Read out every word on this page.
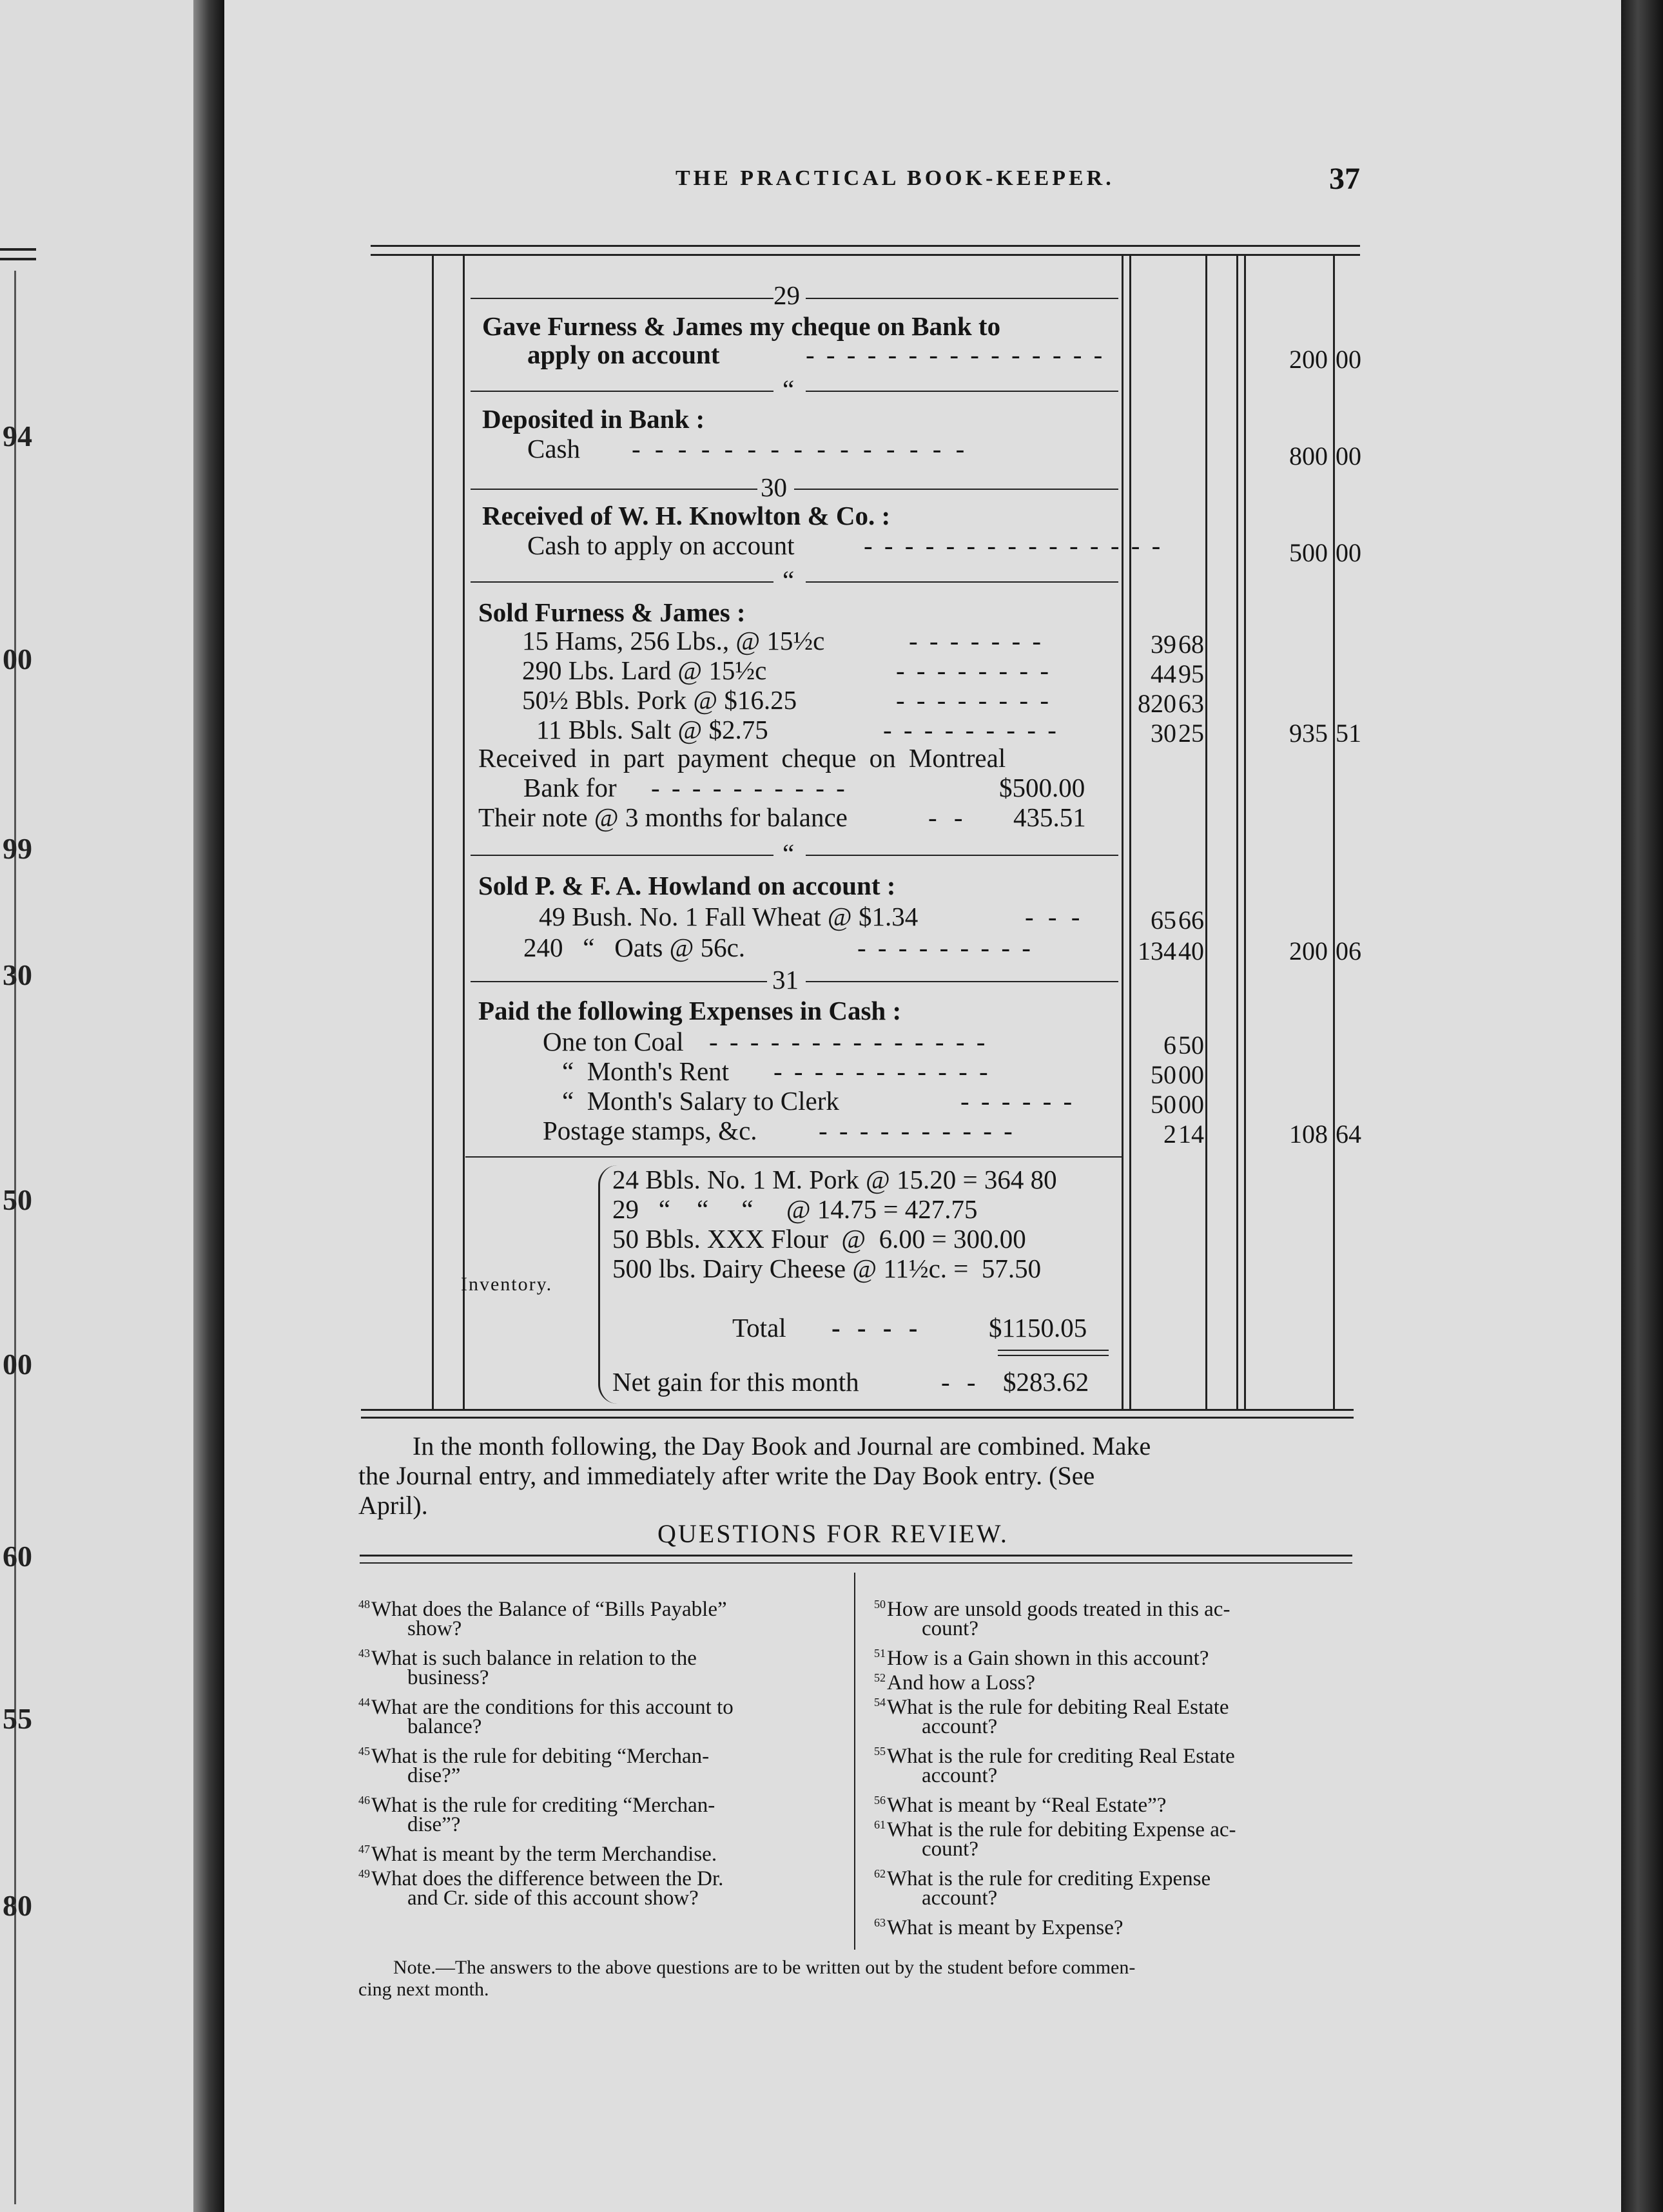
94
00
99
30
50
00
60
55
80
THE PRACTICAL BOOK-KEEPER.	37
29
Gave Furness & James my cheque on Bank to
apply on account	- - - - - - - - - - - - - - -	200 00
“
Deposited in Bank :
Cash - - - - - - - - - - - - - - -	800 00
30
Received of W. H. Knowlton & Co. :
Cash to apply on account	- - - - - - - - - - - - - - -	500 00
“
Sold Furness & James :
15 Hams, 256 Lbs., @ 15½c	- - - - - - -	39 68
290 Lbs. Lard @ 15½c	- - - - - - - -	44 95
50½ Bbls. Pork @ $16.25	- - - - - - - -	820 63
11 Bbls. Salt @ $2.75	- - - - - - - - -	30 25	935 51
Received in part payment cheque on Montreal
Bank for - - - - - - - - - -	$500.00
Their note @ 3 months for balance	- - 435.51
“
Sold P. & F. A. Howland on account :
49 Bush. No. 1 Fall Wheat @ $1.34	- - -	65 66
240   “   Oats @ 56c.	- - - - - - - - -	134 40	200 06
31
Paid the following Expenses in Cash :
One ton Coal - - - - - - - - - - - - - -	6 50
“  Month's Rent - - - - - - - - - - -	50 00
“  Month's Salary to Clerk	- - - - - -	50 00
Postage stamps, &c. - - - - - - - - - -	2 14	108 64
Inventory.
24 Bbls. No. 1 M. Pork @ 15.20 = 364 80
29   “    “     “     @ 14.75 = 427.75
50 Bbls. XXX Flour  @  6.00 = 300.00
500 lbs. Dairy Cheese @ 11½c. =  57.50
Total - - - -	$1150.05
Net gain for this month	- - $283.62
In the month following, the Day Book and Journal are combined. Make
the Journal entry, and immediately after write the Day Book entry. (See
April).
QUESTIONS FOR REVIEW.
$^{48}$What does the Balance of “Bills Payable”
show?
$^{43}$What is such balance in relation to the
business?
$^{44}$What are the conditions for this account to
balance?
$^{45}$What is the rule for debiting “Merchan-
dise?”
$^{46}$What is the rule for crediting “Merchan-
dise”?
$^{47}$What is meant by the term Merchandise.
$^{49}$What does the difference between the Dr.
and Cr. side of this account show?
$^{50}$How are unsold goods treated in this ac-
count?
$^{51}$How is a Gain shown in this account?
$^{52}$And how a Loss?
$^{54}$What is the rule for debiting Real Estate
account?
$^{55}$What is the rule for crediting Real Estate
account?
$^{56}$What is meant by “Real Estate”?
$^{61}$What is the rule for debiting Expense ac-
count?
$^{62}$What is the rule for crediting Expense
account?
$^{63}$What is meant by Expense?
Note.—The answers to the above questions are to be written out by the student before commen-
cing next month.
